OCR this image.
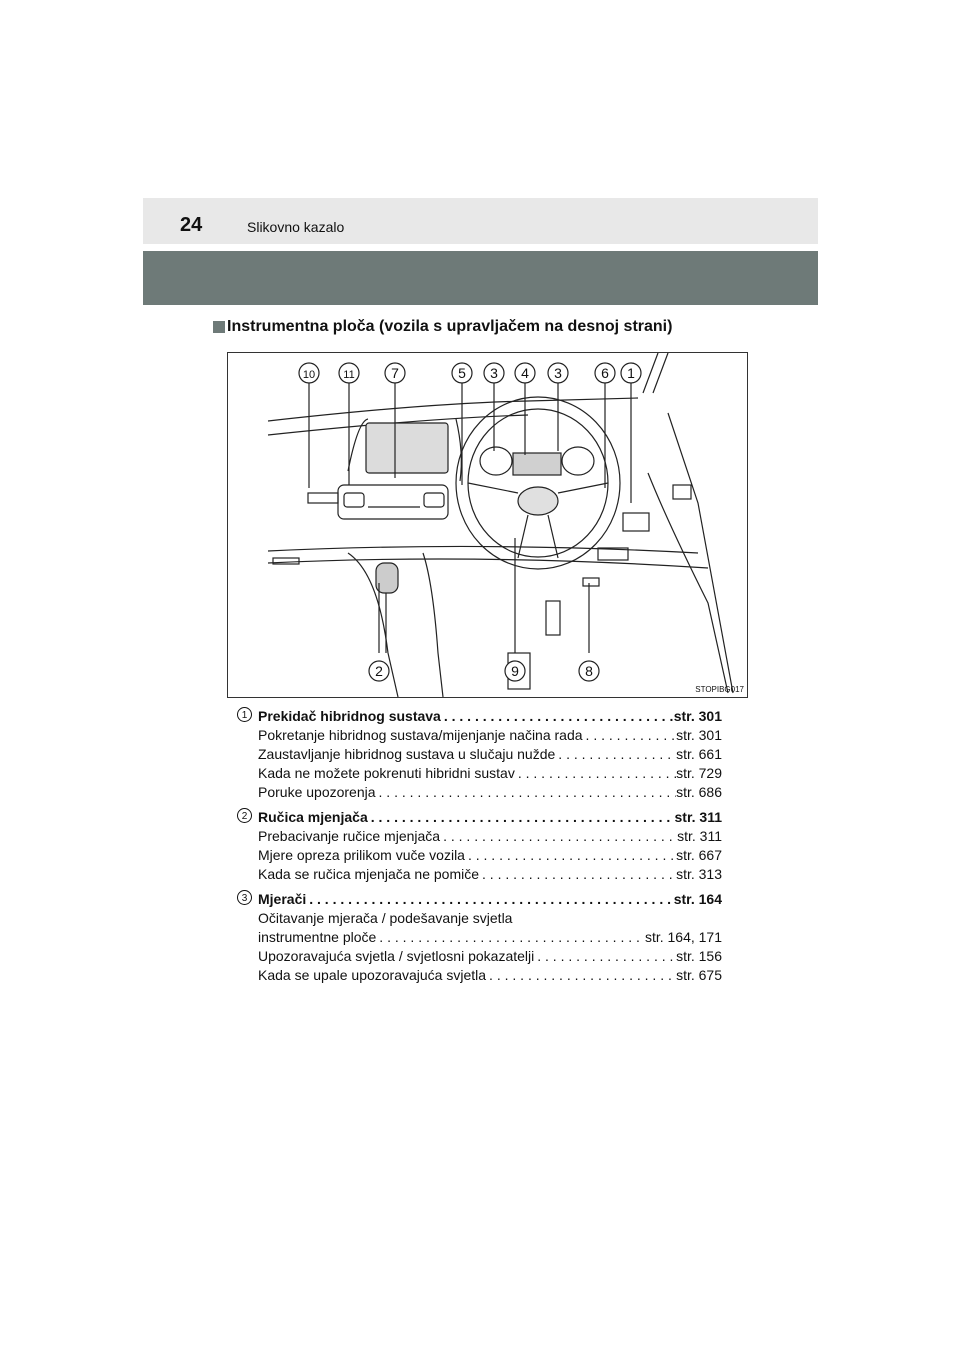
24	Slikovno kazalo
Instrumentna ploča (vozila s upravljačem na desnoj strani)
10	11	7	5 3 4 3	6 1
2	9	8
STOPIBG017
1 Prekidač hibridnog sustava . . .	str. 301
Pokretanje hibridnog sustava/mijenjanje načina rada . . .	str. 301
Zaustavljanje hibridnog sustava u slučaju nužde . . .	str. 661
Kada ne možete pokrenuti hibridni sustav . . .	str. 729
Poruke upozorenja . . .	str. 686
2 Ručica mjenjača . . .	str. 311
Prebacivanje ručice mjenjača . . .	str. 311
Mjere opreza prilikom vuče vozila . . .	str. 667
Kada se ručica mjenjača ne pomiče . . .	str. 313
3 Mjerači . . .	str. 164
Očitavanje mjerača / podešavanje svjetla
instrumentne ploče . . .	str. 164, 171
Upozoravajuća svjetla / svjetlosni pokazatelji . . .	str. 156
Kada se upale upozoravajuća svjetla . . .	str. 675
